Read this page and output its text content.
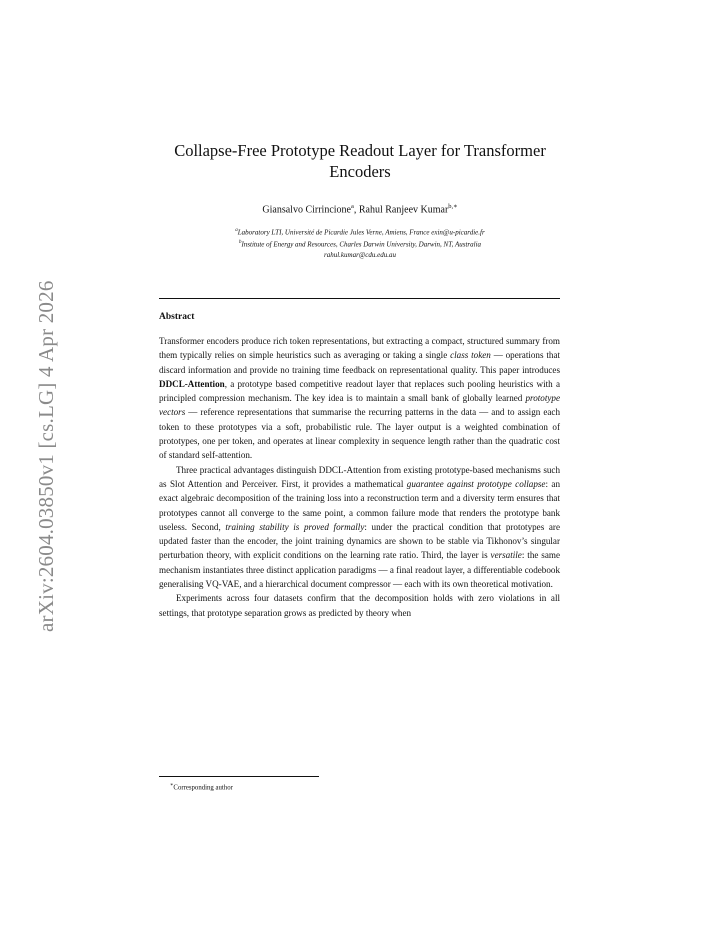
arXiv:2604.03850v1 [cs.LG] 4 Apr 2026
Collapse-Free Prototype Readout Layer for Transformer Encoders
Giansalvo Cirrincione$^a$, Rahul Ranjeev Kumar$^{b,∗}$
$^a$Laboratory LTI, Université de Picardie Jules Verne, Amiens, France exin@u-picardie.fr
$^b$Institute of Energy and Resources, Charles Darwin University, Darwin, NT, Australia
rahul.kumar@cdu.edu.au
Abstract

Transformer encoders produce rich token representations, but extracting a compact, structured summary from them typically relies on simple heuristics such as averaging or taking a single class token — operations that discard information and provide no training time feedback on representational quality. This paper introduces DDCL-Attention, a prototype based competitive readout layer that replaces such pooling heuristics with a principled compression mechanism. The key idea is to maintain a small bank of globally learned prototype vectors — reference representations that summarise the recurring patterns in the data — and to assign each token to these prototypes via a soft, probabilistic rule. The layer output is a weighted combination of prototypes, one per token, and operates at linear complexity in sequence length rather than the quadratic cost of standard self-attention.

Three practical advantages distinguish DDCL-Attention from existing prototype-based mechanisms such as Slot Attention and Perceiver. First, it provides a mathematical guarantee against prototype collapse: an exact algebraic decomposition of the training loss into a reconstruction term and a diversity term ensures that prototypes cannot all converge to the same point, a common failure mode that renders the prototype bank useless. Second, training stability is proved formally: under the practical condition that prototypes are updated faster than the encoder, the joint training dynamics are shown to be stable via Tikhonov’s singular perturbation theory, with explicit conditions on the learning rate ratio. Third, the layer is versatile: the same mechanism instantiates three distinct application paradigms — a final readout layer, a differentiable codebook generalising VQ-VAE, and a hierarchical document compressor — each with its own theoretical motivation.

Experiments across four datasets confirm that the decomposition holds with zero violations in all settings, that prototype separation grows as predicted by theory when

∗Corresponding author
